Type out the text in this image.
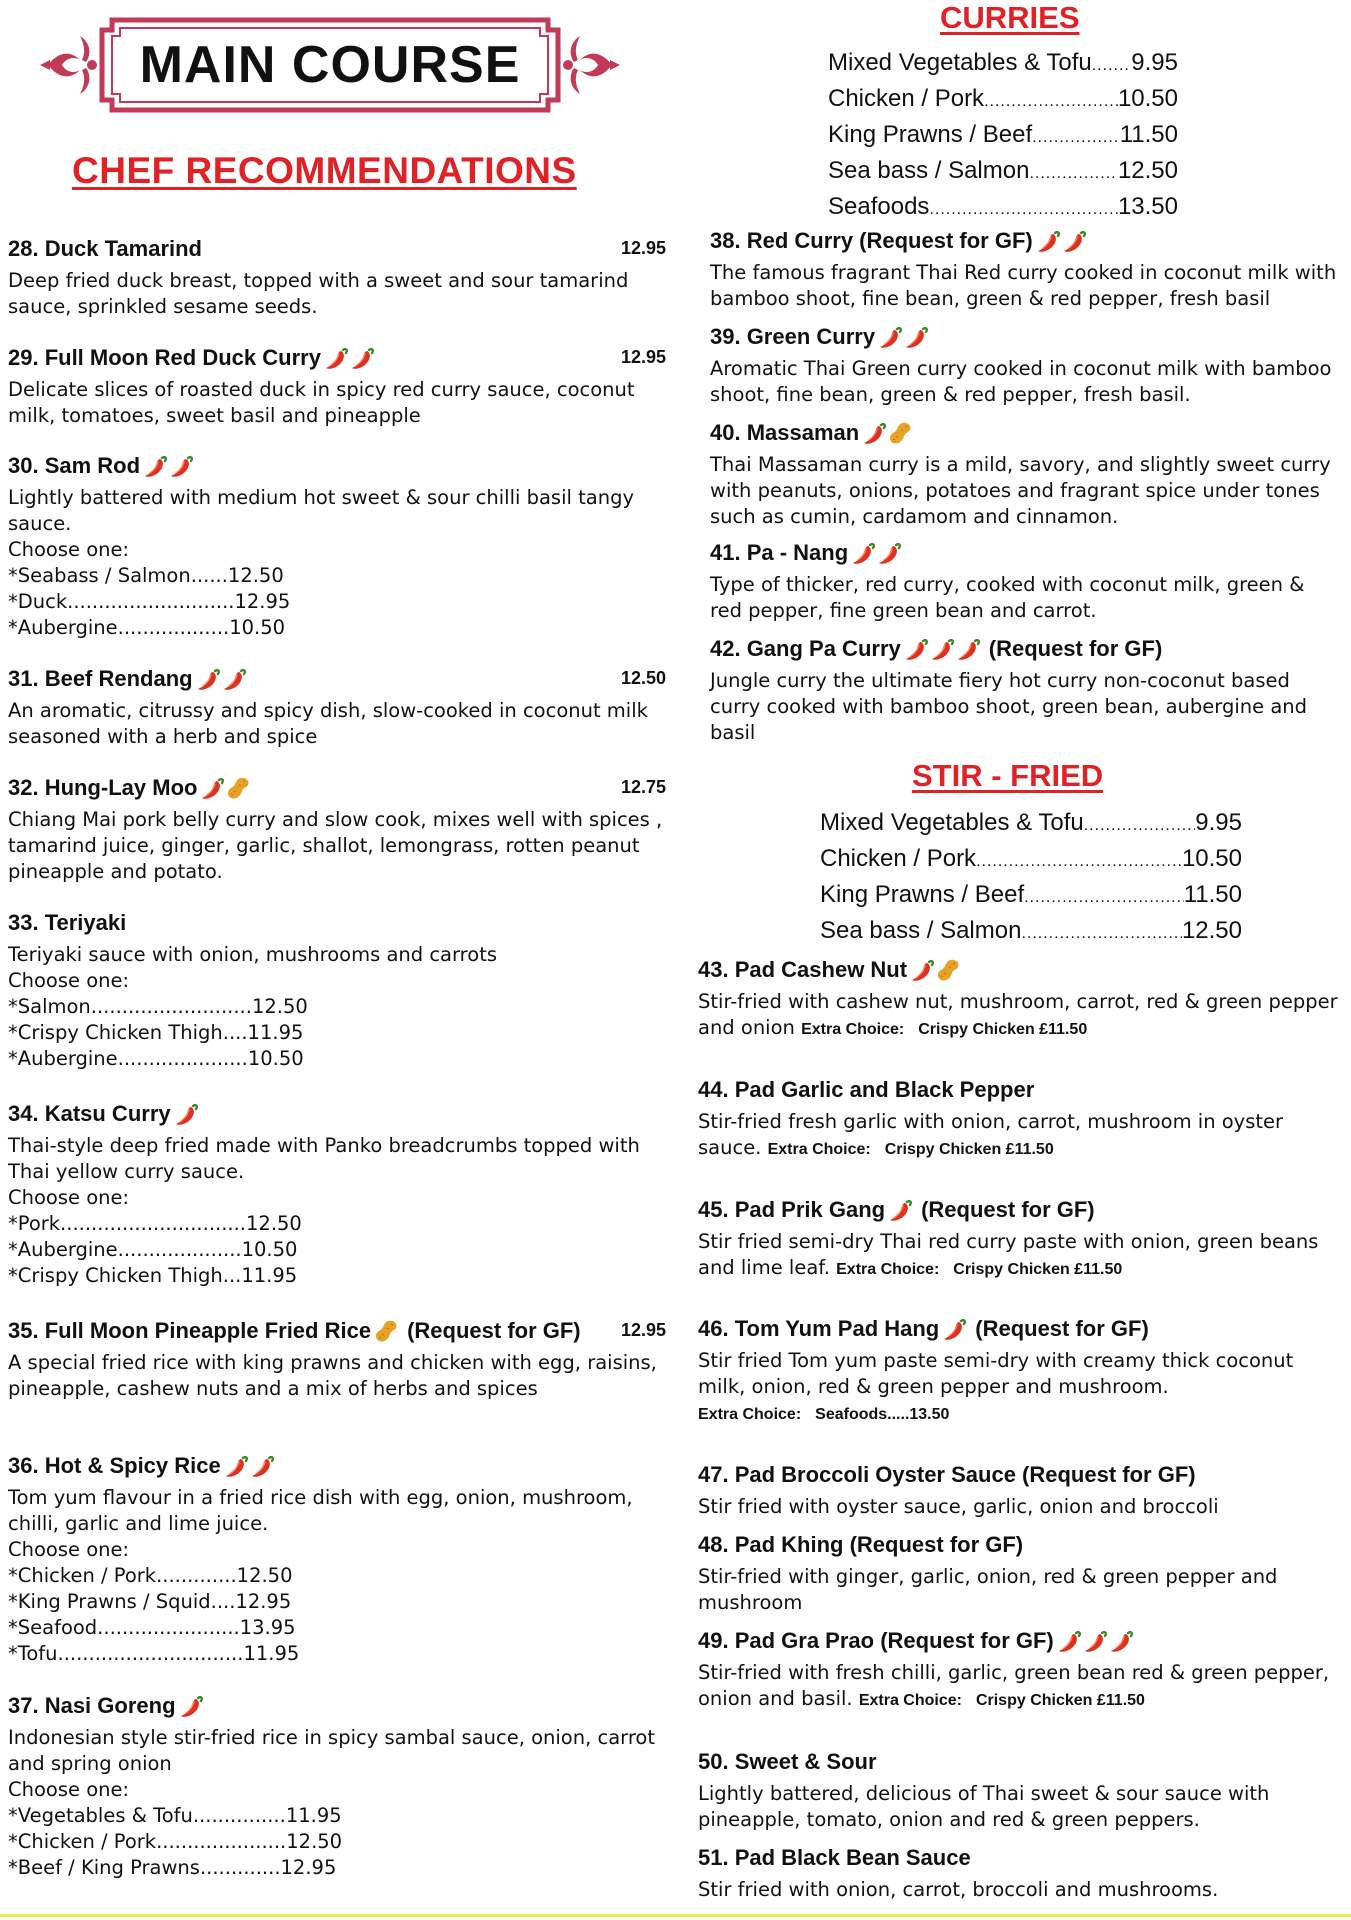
MAIN COURSE
CHEF RECOMMENDATIONS
28. Duck Tamarind	12.95
Deep fried duck breast, topped with a sweet and sour tamarind sauce, sprinkled sesame seeds.
29. Full Moon Red Duck Curry	12.95
Delicate slices of roasted duck in spicy red curry sauce, coconut milk, tomatoes, sweet basil and pineapple
30. Sam Rod
Lightly battered with medium hot sweet & sour chilli basil tangy sauce.
Choose one:
*Seabass / Salmon......12.50
*Duck...........................12.95
*Aubergine..................10.50
31. Beef Rendang	12.50
An aromatic, citrussy and spicy dish, slow-cooked in coconut milk seasoned with a herb and spice
32. Hung-Lay Moo	12.75
Chiang Mai pork belly curry and slow cook, mixes well with spices , tamarind juice, ginger, garlic, shallot, lemongrass, rotten peanut pineapple and potato.
33. Teriyaki
Teriyaki sauce with onion, mushrooms and carrots
Choose one:
*Salmon..........................12.50
*Crispy Chicken Thigh....11.95
*Aubergine.....................10.50
34. Katsu Curry
Thai-style deep fried made with Panko breadcrumbs topped with Thai yellow curry sauce.
Choose one:
*Pork..............................12.50
*Aubergine....................10.50
*Crispy Chicken Thigh...11.95
35. Full Moon Pineapple Fried Rice (Request for GF) 12.95
A special fried rice with king prawns and chicken with egg, raisins, pineapple, cashew nuts and a mix of herbs and spices
36. Hot & Spicy Rice
Tom yum flavour in a fried rice dish with egg, onion, mushroom, chilli, garlic and lime juice.
Choose one:
*Chicken / Pork.............12.50
*King Prawns / Squid....12.95
*Seafood.......................13.95
*Tofu..............................11.95
37. Nasi Goreng
Indonesian style stir-fried rice in spicy sambal sauce, onion, carrot and spring onion
Choose one:
*Vegetables & Tofu...............11.95
*Chicken / Pork.....................12.50
*Beef / King Prawns.............12.95
CURRIES
Mixed Vegetables & Tofu ..... 9.95
Chicken / Pork .....	10.50
King Prawns / Beef .....	11.50
Sea bass / Salmon .....	12.50
Seafoods .....	13.50
38. Red Curry (Request for GF)
The famous fragrant Thai Red curry cooked in coconut milk with bamboo shoot, fine bean, green & red pepper, fresh basil
39. Green Curry
Aromatic Thai Green curry cooked in coconut milk with bamboo shoot, fine bean, green & red pepper, fresh basil.
40. Massaman
Thai Massaman curry is a mild, savory, and slightly sweet curry with peanuts, onions, potatoes and fragrant spice under tones such as cumin, cardamom and cinnamon.
41. Pa - Nang
Type of thicker, red curry, cooked with coconut milk, green & red pepper, fine green bean and carrot.
42. Gang Pa Curry	(Request for GF)
Jungle curry the ultimate fiery hot curry non-coconut based curry cooked with bamboo shoot, green bean, aubergine and basil
STIR - FRIED
Mixed Vegetables & Tofu .....	9.95
Chicken / Pork .....	10.50
King Prawns / Beef .....	11.50
Sea bass / Salmon .....	12.50
43. Pad Cashew Nut
Stir-fried with cashew nut, mushroom, carrot, red & green pepper and onion Extra Choice: Crispy Chicken £11.50
44. Pad Garlic and Black Pepper
Stir-fried fresh garlic with onion, carrot, mushroom in oyster sauce. Extra Choice: Crispy Chicken £11.50
45. Pad Prik Gang (Request for GF)
Stir fried semi-dry Thai red curry paste with onion, green beans and lime leaf. Extra Choice: Crispy Chicken £11.50
46. Tom Yum Pad Hang (Request for GF)
Stir fried Tom yum paste semi-dry with creamy thick coconut milk, onion, red & green pepper and mushroom. Extra Choice: Seafoods.....13.50
47. Pad Broccoli Oyster Sauce (Request for GF)
Stir fried with oyster sauce, garlic, onion and broccoli
48. Pad Khing (Request for GF)
Stir-fried with ginger, garlic, onion, red & green pepper and mushroom
49. Pad Gra Prao (Request for GF)
Stir-fried with fresh chilli, garlic, green bean red & green pepper, onion and basil. Extra Choice: Crispy Chicken £11.50
50. Sweet & Sour
Lightly battered, delicious of Thai sweet & sour sauce with pineapple, tomato, onion and red & green peppers.
51. Pad Black Bean Sauce
Stir fried with onion, carrot, broccoli and mushrooms.
